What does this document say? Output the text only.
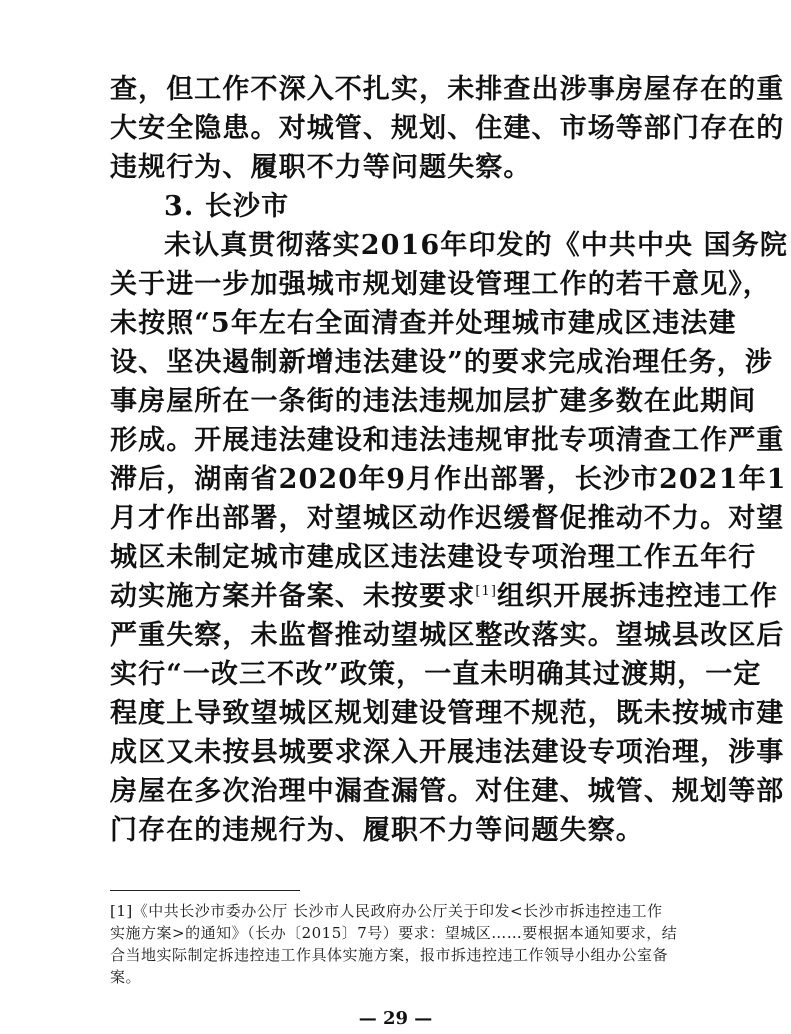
查，但工作不深入不扎实，未排查出涉事房屋存在的重
大安全隐患。对城管、规划、住建、市场等部门存在的
违规行为、履职不力等问题失察。
3. 长沙市
未认真贯彻落实2016年印发的《中共中央 国务院
关于进一步加强城市规划建设管理工作的若干意见》，
未按照“5年左右全面清查并处理城市建成区违法建
设、坚决遏制新增违法建设”的要求完成治理任务，涉
事房屋所在一条街的违法违规加层扩建多数在此期间
形成。开展违法建设和违法违规审批专项清查工作严重
滞后，湖南省2020年9月作出部署，长沙市2021年1
月才作出部署，对望城区动作迟缓督促推动不力。对望
城区未制定城市建成区违法建设专项治理工作五年行
动实施方案并备案、未按要求[1]组织开展拆违控违工作
严重失察，未监督推动望城区整改落实。望城县改区后
实行“一改三不改”政策，一直未明确其过渡期，一定
程度上导致望城区规划建设管理不规范，既未按城市建
成区又未按县城要求深入开展违法建设专项治理，涉事
房屋在多次治理中漏查漏管。对住建、城管、规划等部
门存在的违规行为、履职不力等问题失察。
[1]《中共长沙市委办公厅 长沙市人民政府办公厅关于印发<长沙市拆违控违工作
实施方案>的通知》（长办〔2015〕7号）要求：望城区……要根据本通知要求，结
合当地实际制定拆违控违工作具体实施方案，报市拆违控违工作领导小组办公室备
案。
— 29 —
